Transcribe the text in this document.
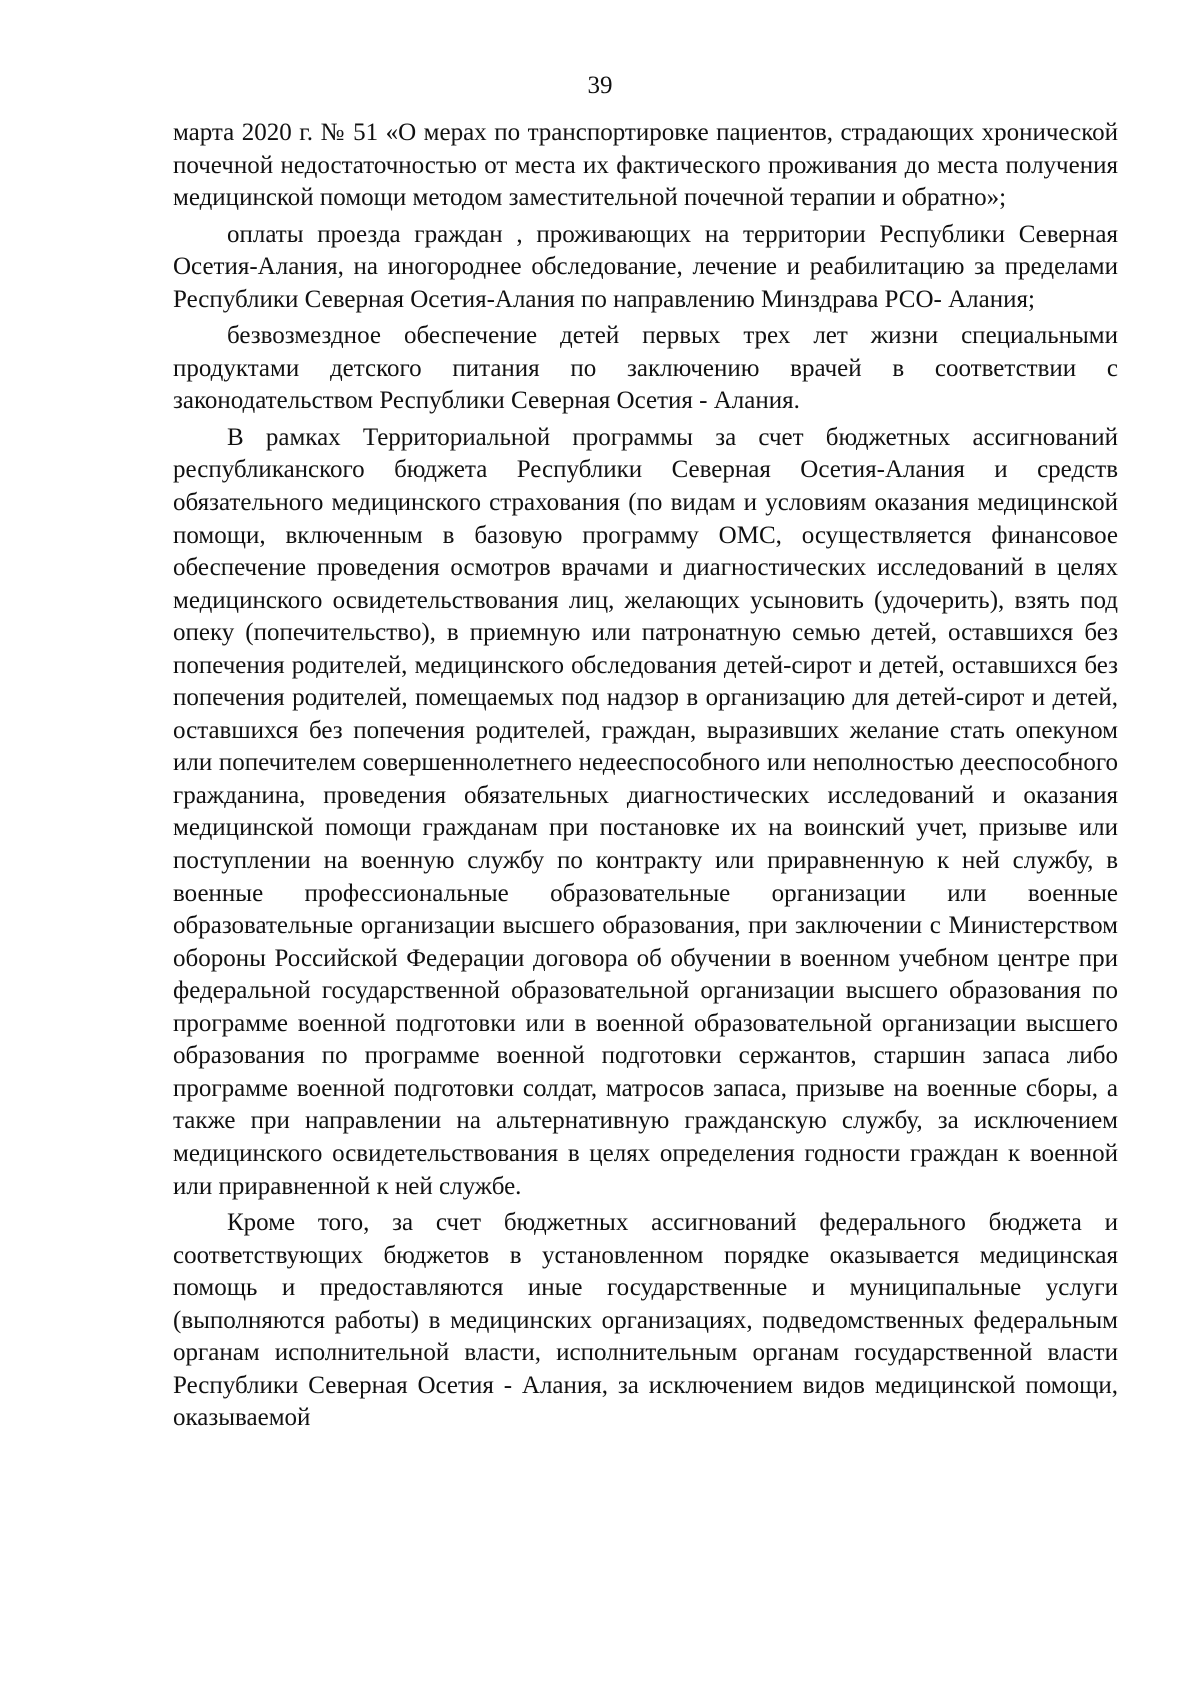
39

марта 2020 г. № 51 «О мерах по транспортировке пациентов, страдающих хронической почечной недостаточностью от места их фактического проживания до места получения медицинской помощи методом заместительной почечной терапии и обратно»;

оплаты проезда граждан , проживающих на территории Республики Северная Осетия-Алания, на иногороднее обследование, лечение и реабилитацию за пределами Республики Северная Осетия-Алания по направлению Минздрава РСО- Алания;

безвозмездное обеспечение детей первых трех лет жизни специальными продуктами детского питания по заключению врачей в соответствии с законодательством Республики Северная Осетия - Алания.

В рамках Территориальной программы за счет бюджетных ассигнований республиканского бюджета Республики Северная Осетия-Алания и средств обязательного медицинского страхования (по видам и условиям оказания медицинской помощи, включенным в базовую программу ОМС, осуществляется финансовое обеспечение проведения осмотров врачами и диагностических исследований в целях медицинского освидетельствования лиц, желающих усыновить (удочерить), взять под опеку (попечительство), в приемную или патронатную семью детей, оставшихся без попечения родителей, медицинского обследования детей-сирот и детей, оставшихся без попечения родителей, помещаемых под надзор в организацию для детей-сирот и детей, оставшихся без попечения родителей, граждан, выразивших желание стать опекуном или попечителем совершеннолетнего недееспособного или неполностью дееспособного гражданина, проведения обязательных диагностических исследований и оказания медицинской помощи гражданам при постановке их на воинский учет, призыве или поступлении на военную службу по контракту или приравненную к ней службу, в военные профессиональные образовательные организации или военные образовательные организации высшего образования, при заключении с Министерством обороны Российской Федерации договора об обучении в военном учебном центре при федеральной государственной образовательной организации высшего образования по программе военной подготовки или в военной образовательной организации высшего образования по программе военной подготовки сержантов, старшин запаса либо программе военной подготовки солдат, матросов запаса, призыве на военные сборы, а также при направлении на альтернативную гражданскую службу, за исключением медицинского освидетельствования в целях определения годности граждан к военной или приравненной к ней службе.

Кроме того, за счет бюджетных ассигнований федерального бюджета и соответствующих бюджетов в установленном порядке оказывается медицинская помощь и предоставляются иные государственные и муниципальные услуги (выполняются работы) в медицинских организациях, подведомственных федеральным органам исполнительной власти, исполнительным органам государственной власти Республики Северная Осетия - Алания, за исключением видов медицинской помощи, оказываемой
